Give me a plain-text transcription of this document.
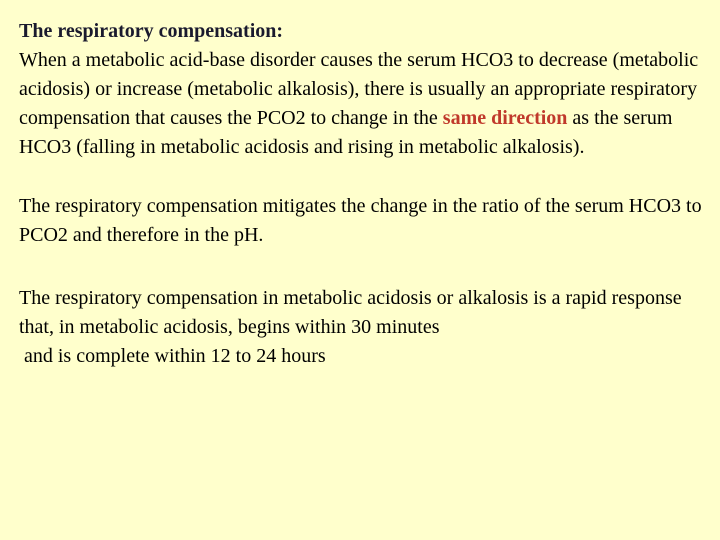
The respiratory compensation:

When a metabolic acid-base disorder causes the serum HCO3 to decrease (metabolic acidosis) or increase (metabolic alkalosis), there is usually an appropriate respiratory compensation that causes the PCO2 to change in the same direction as the serum HCO3 (falling in metabolic acidosis and rising in metabolic alkalosis).

The respiratory compensation mitigates the change in the ratio of the serum HCO3 to PCO2 and therefore in the pH.

The respiratory compensation in metabolic acidosis or alkalosis is a rapid response that, in metabolic acidosis, begins within 30 minutes
and is complete within 12 to 24 hours
